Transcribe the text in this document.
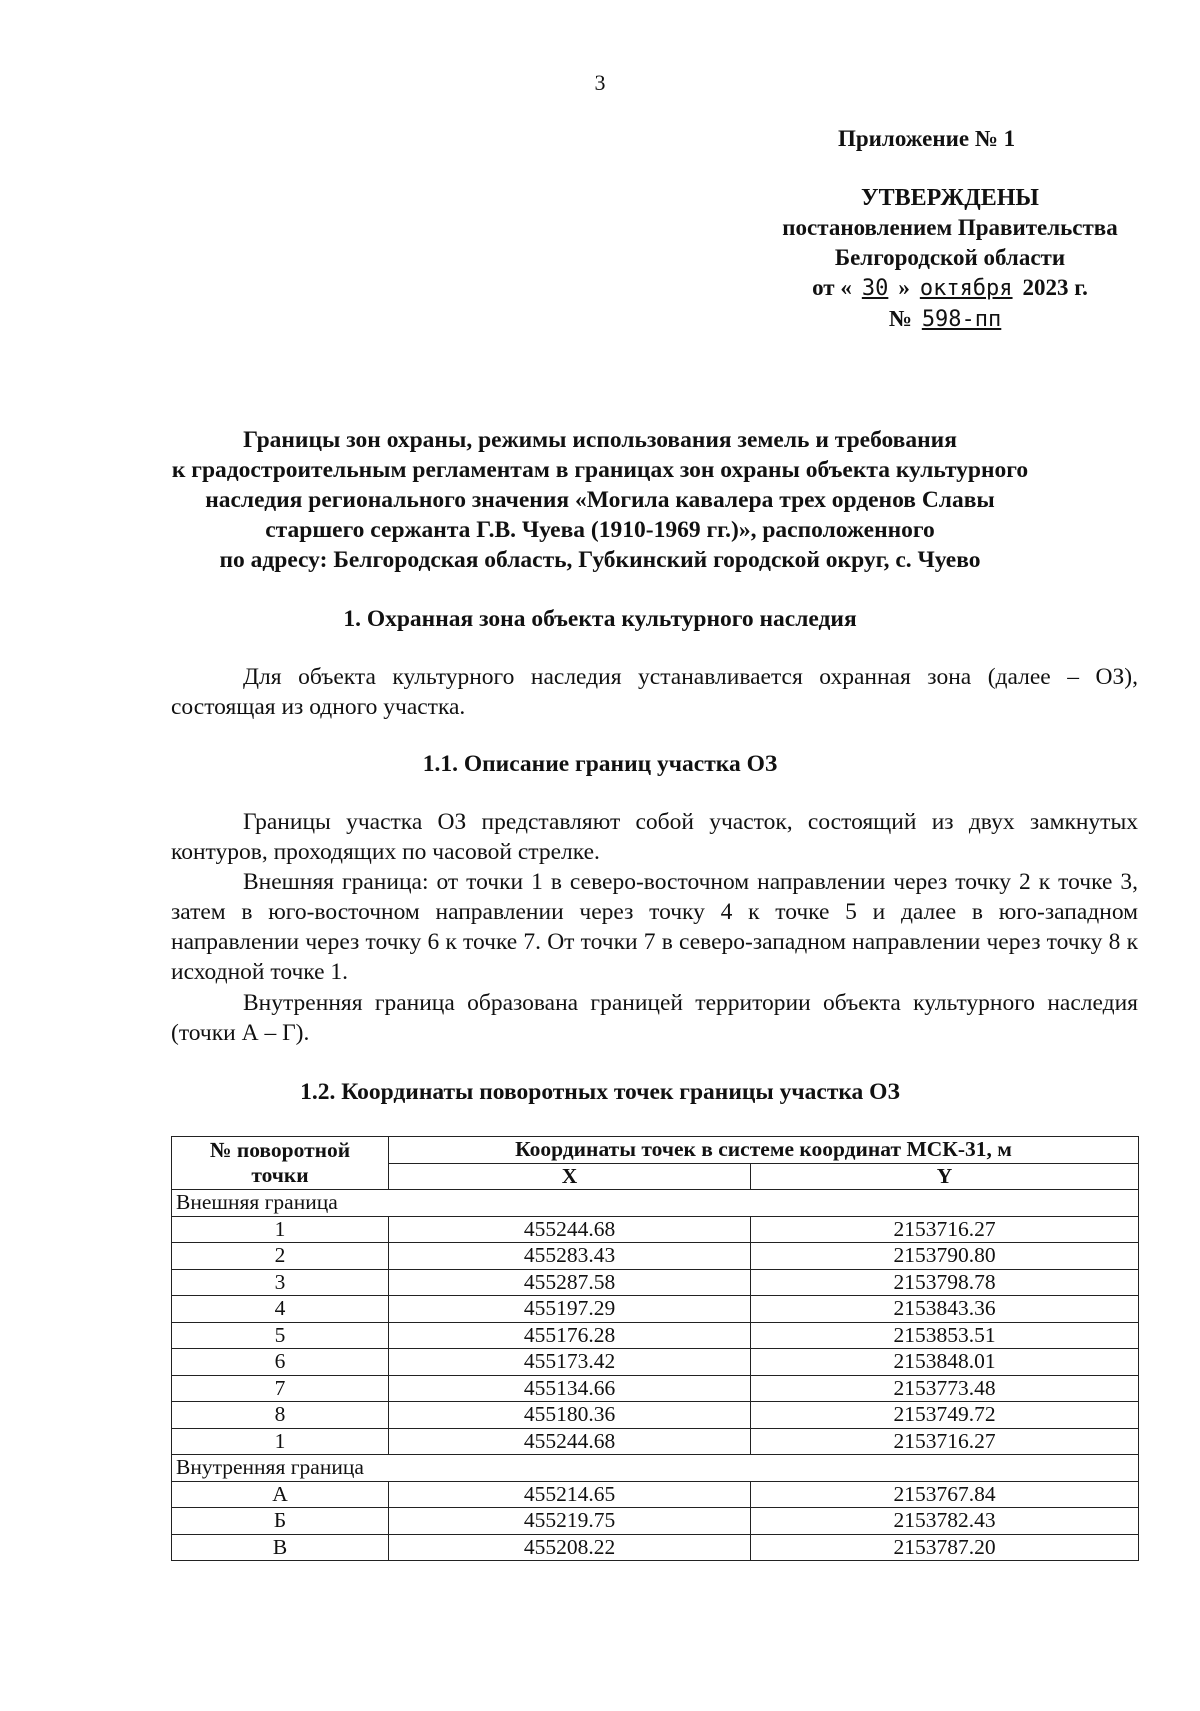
3
Приложение № 1
УТВЕРЖДЕНЫ
постановлением Правительства
Белгородской области
от « 30 » октября 2023 г.
№ 598-пп
Границы зон охраны, режимы использования земель и требования
к градостроительным регламентам в границах зон охраны объекта культурного
наследия регионального значения «Могила кавалера трех орденов Славы
старшего сержанта Г.В. Чуева (1910-1969 гг.)», расположенного
по адресу: Белгородская область, Губкинский городской округ, с. Чуево
1. Охранная зона объекта культурного наследия
Для объекта культурного наследия устанавливается охранная зона (далее – ОЗ), состоящая из одного участка.
1.1. Описание границ участка ОЗ
Границы участка ОЗ представляют собой участок, состоящий из двух замкнутых контуров, проходящих по часовой стрелке.
Внешняя граница: от точки 1 в северо-восточном направлении через точку 2 к точке 3, затем в юго-восточном направлении через точку 4 к точке 5 и далее в юго-западном направлении через точку 6 к точке 7. От точки 7 в северо-западном направлении через точку 8 к исходной точке 1.
Внутренняя граница образована границей территории объекта культурного наследия (точки А – Г).
1.2. Координаты поворотных точек границы участка ОЗ
№ поворотной
точки	Координаты точек в системе координат МСК-31, м	
	X	Y
Внешняя граница		
1	455244.68	2153716.27
2	455283.43	2153790.80
3	455287.58	2153798.78
4	455197.29	2153843.36
5	455176.28	2153853.51
6	455173.42	2153848.01
7	455134.66	2153773.48
8	455180.36	2153749.72
1	455244.68	2153716.27
Внутренняя граница		
А	455214.65	2153767.84
Б	455219.75	2153782.43
В	455208.22	2153787.20
